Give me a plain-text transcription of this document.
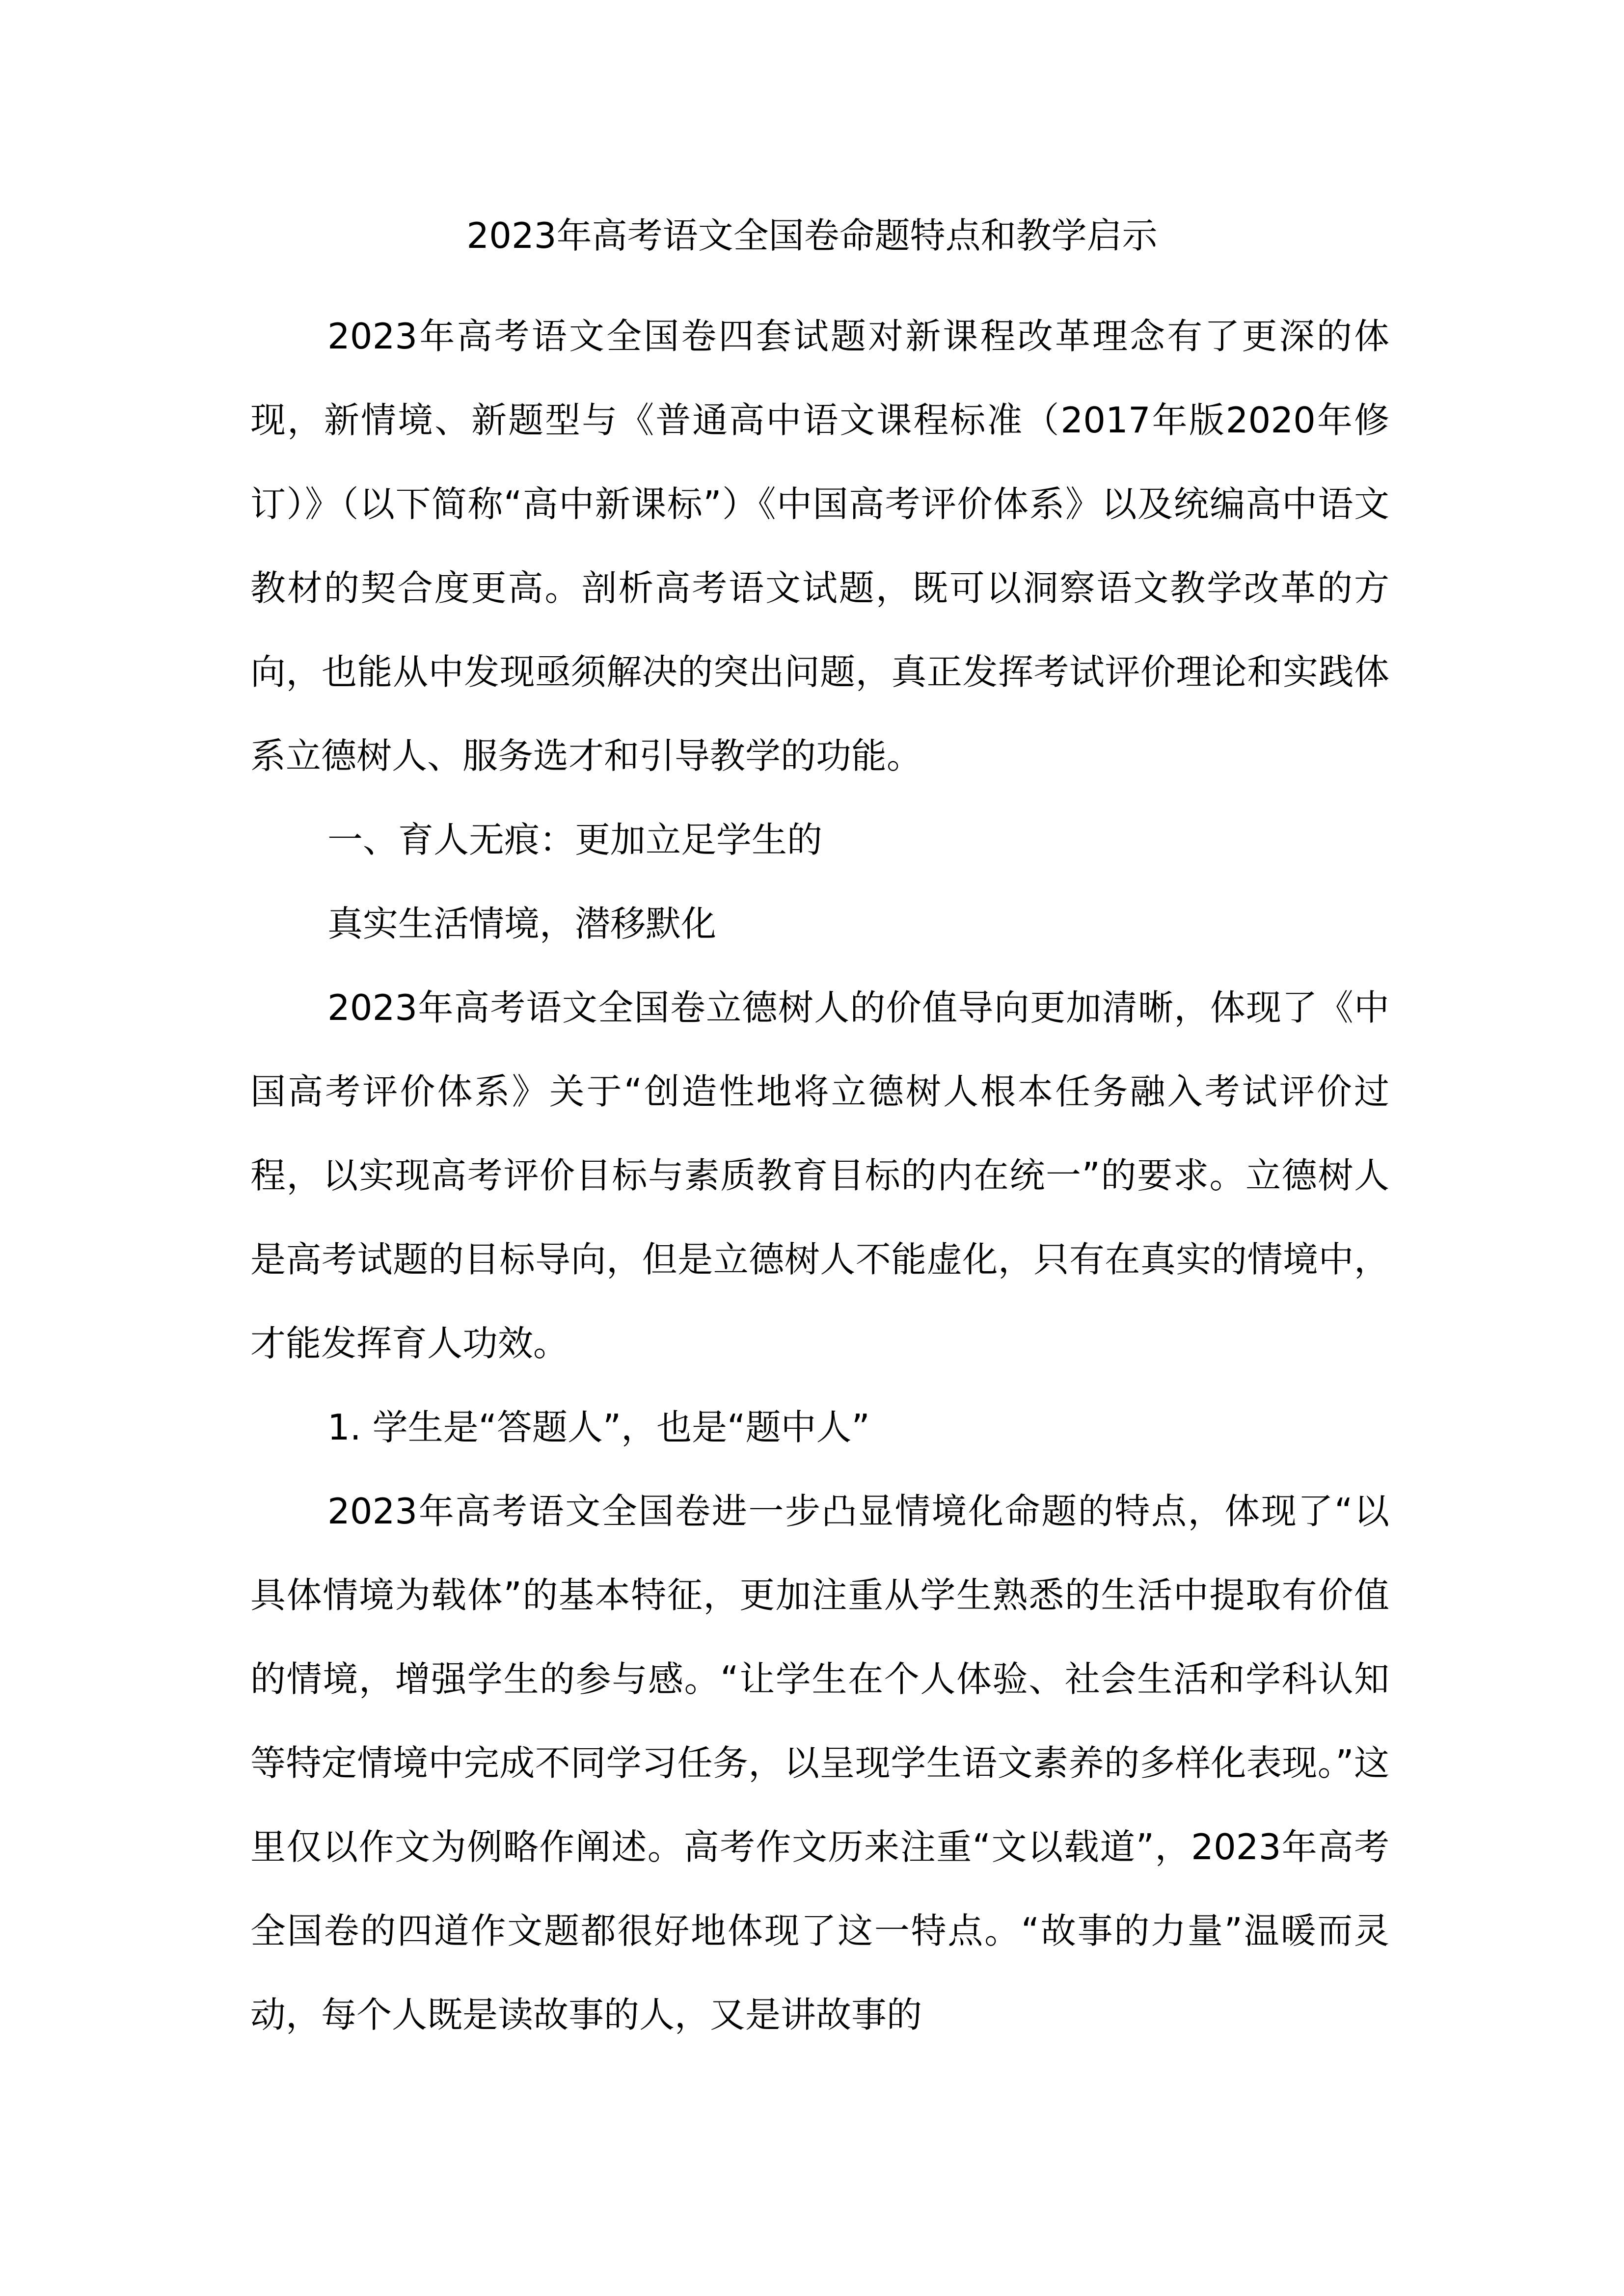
2023年高考语文全国卷命题特点和教学启示

2023年高考语文全国卷四套试题对新课程改革理念有了更深的体现，新情境、新题型与《普通高中语文课程标准（2017年版2020年修订）》（以下简称“高中新课标”）《中国高考评价体系》以及统编高中语文教材的契合度更高。剖析高考语文试题，既可以洞察语文教学改革的方向，也能从中发现亟须解决的突出问题，真正发挥考试评价理论和实践体系立德树人、服务选才和引导教学的功能。

一、育人无痕：更加立足学生的

真实生活情境，潜移默化

2023年高考语文全国卷立德树人的价值导向更加清晰，体现了《中国高考评价体系》关于“创造性地将立德树人根本任务融入考试评价过程，以实现高考评价目标与素质教育目标的内在统一”的要求。立德树人是高考试题的目标导向，但是立德树人不能虚化，只有在真实的情境中，才能发挥育人功效。

1. 学生是“答题人”，也是“题中人”

2023年高考语文全国卷进一步凸显情境化命题的特点，体现了“以具体情境为载体”的基本特征，更加注重从学生熟悉的生活中提取有价值的情境，增强学生的参与感。“让学生在个人体验、社会生活和学科认知等特定情境中完成不同学习任务，以呈现学生语文素养的多样化表现。”这里仅以作文为例略作阐述。高考作文历来注重“文以载道”，2023年高考全国卷的四道作文题都很好地体现了这一特点。“故事的力量”温暖而灵动，每个人既是读故事的人，又是讲故事的
